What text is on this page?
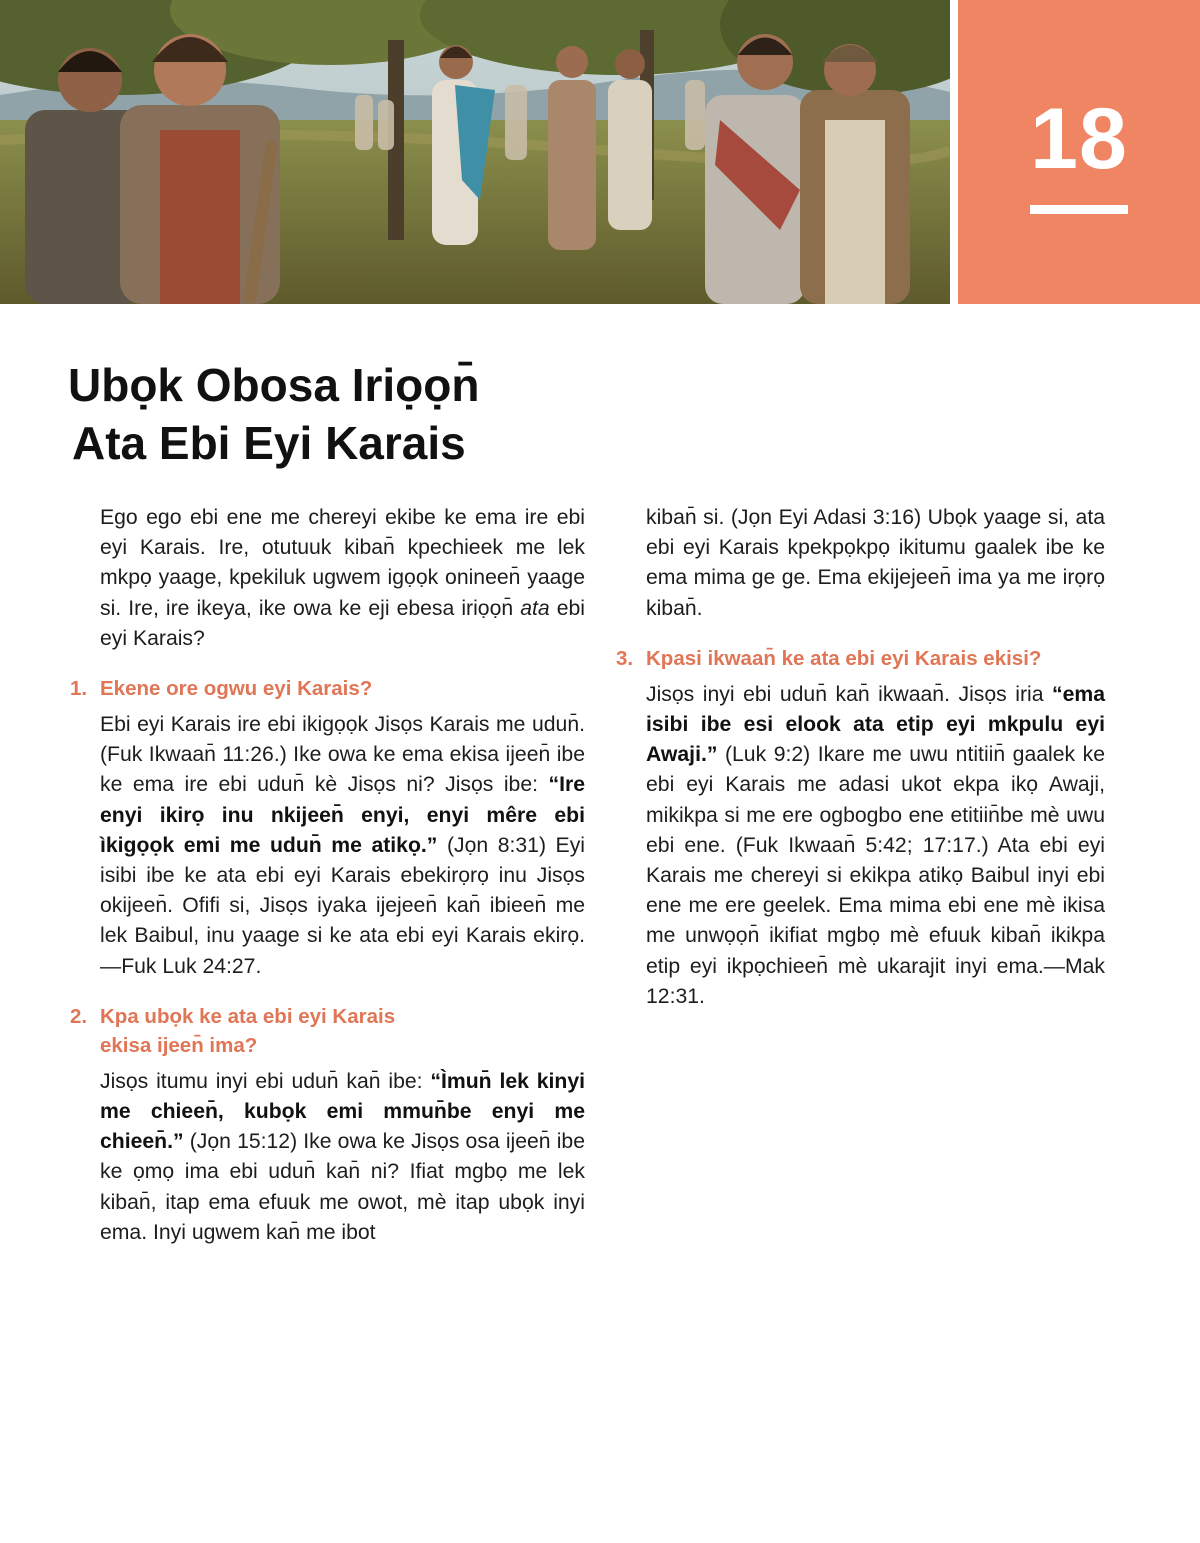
18
Ubọk Obosa Iriọọn̄
Ata Ebi Eyi Karais

Ego ego ebi ene me chereyi ekibe ke ema ire ebi eyi Karais. Ire, otutuuk kiban̄ kpechieek me lek mkpọ yaage, kpekiluk ugwem igọọk onineen̄ yaage si. Ire, ire ikeya, ike owa ke eji ebesa iriọọn̄ ata ebi eyi Karais?

1. Ekene ore ogwu eyi Karais?

Ebi eyi Karais ire ebi ikigọọk Jisọs Karais me udun̄. (Fuk Ikwaan̄ 11:26.) Ike owa ke ema ekisa ijeen̄ ibe ke ema ire ebi udun̄ kè Jisọs ni? Jisọs ibe: “Ire enyi ikirọ inu nkijeen̄ enyi, enyi mêre ebi ìkigọọk emi me udun̄ me atikọ.” (Jọn 8:31) Eyi isibi ibe ke ata ebi eyi Karais ebekirọrọ inu Jisọs okijeen̄. Ofifi si, Jisọs iyaka ijejeen̄ kan̄ ibieen̄ me lek Baibul, inu yaage si ke ata ebi eyi Karais ekirọ.—Fuk Luk 24:27.

2. Kpa ubọk ke ata ebi eyi Karais ekisa ijeen̄ ima?

Jisọs itumu inyi ebi udun̄ kan̄ ibe: “Ìmun̄ lek kinyi me chieen̄, kubọk emi mmun̄be enyi me chieen̄.” (Jọn 15:12) Ike owa ke Jisọs osa ijeen̄ ibe ke ọmọ ima ebi udun̄ kan̄ ni? Ifiat mgbọ me lek kiban̄, itap ema efuuk me owot, mè itap ubọk inyi ema. Inyi ugwem kan̄ me ibot

kiban̄ si. (Jọn Eyi Adasi 3:16) Ubọk yaage si, ata ebi eyi Karais kpekpọkpọ ikitumu gaalek ibe ke ema mima ge ge. Ema ekijejeen̄ ima ya me irọrọ kiban̄.

3. Kpasi ikwaan̄ ke ata ebi eyi Karais ekisi?

Jisọs inyi ebi udun̄ kan̄ ikwaan̄. Jisọs iria “ema isibi ibe esi elook ata etip eyi mkpulu eyi Awaji.” (Luk 9:2) Ikare me uwu ntitiin̄ gaalek ke ebi eyi Karais me adasi ukot ekpa ikọ Awaji, mikikpa si me ere ogbogbo ene etitiin̄be mè uwu ebi ene. (Fuk Ikwaan̄ 5:42; 17:17.) Ata ebi eyi Karais me chereyi si ekikpa atikọ Baibul inyi ebi ene me ere geelek. Ema mima ebi ene mè ikisa me unwọọn̄ ikifiat mgbọ mè efuuk kiban̄ ikikpa etip eyi ikpọchieen̄ mè ukarajit inyi ema.—Mak 12:31.
